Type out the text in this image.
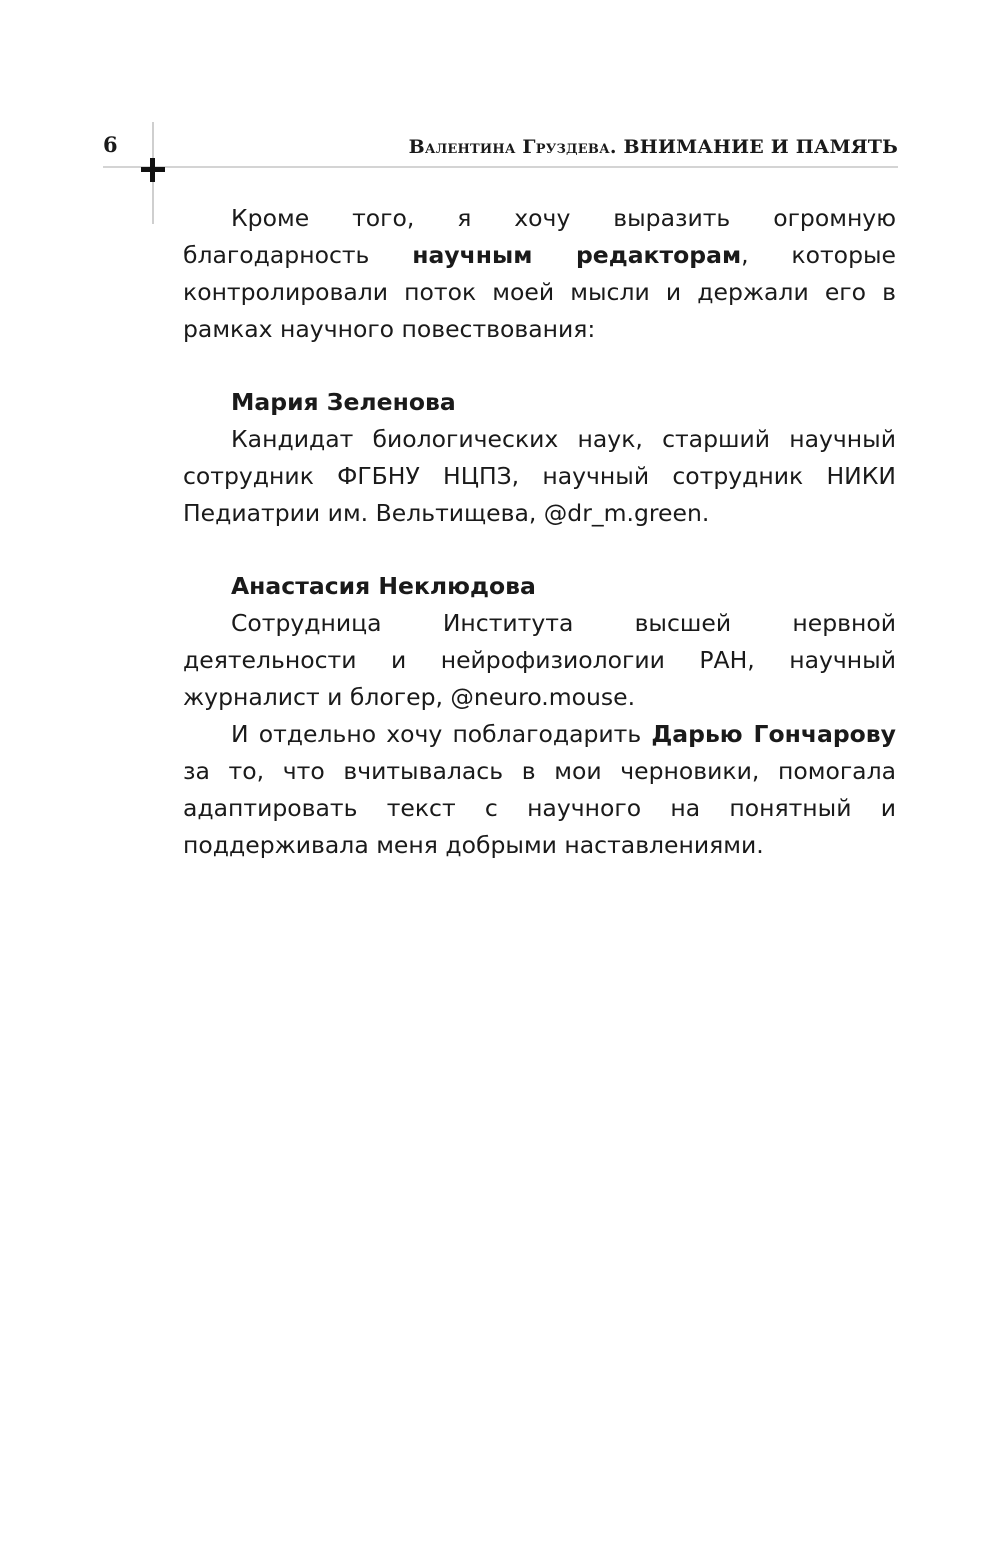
6	Валентина Груздева. ВНИМАНИЕ И ПАМЯТЬ

Кроме того, я хочу выразить огромную благодарность научным редакторам, которые контролировали поток моей мысли и держали его в рамках научного повествования:

Мария Зеленова

Кандидат биологических наук, старший научный сотрудник ФГБНУ НЦПЗ, научный сотрудник НИКИ Педиатрии им. Вельтищева, @dr_m.green.

Анастасия Неклюдова

Сотрудница Института высшей нервной деятельности и нейрофизиологии РАН, научный журналист и блогер, @neuro.mouse.

И отдельно хочу поблагодарить Дарью Гончарову за то, что вчитывалась в мои черновики, помогала адаптировать текст с научного на понятный и поддерживала меня добрыми наставлениями.
